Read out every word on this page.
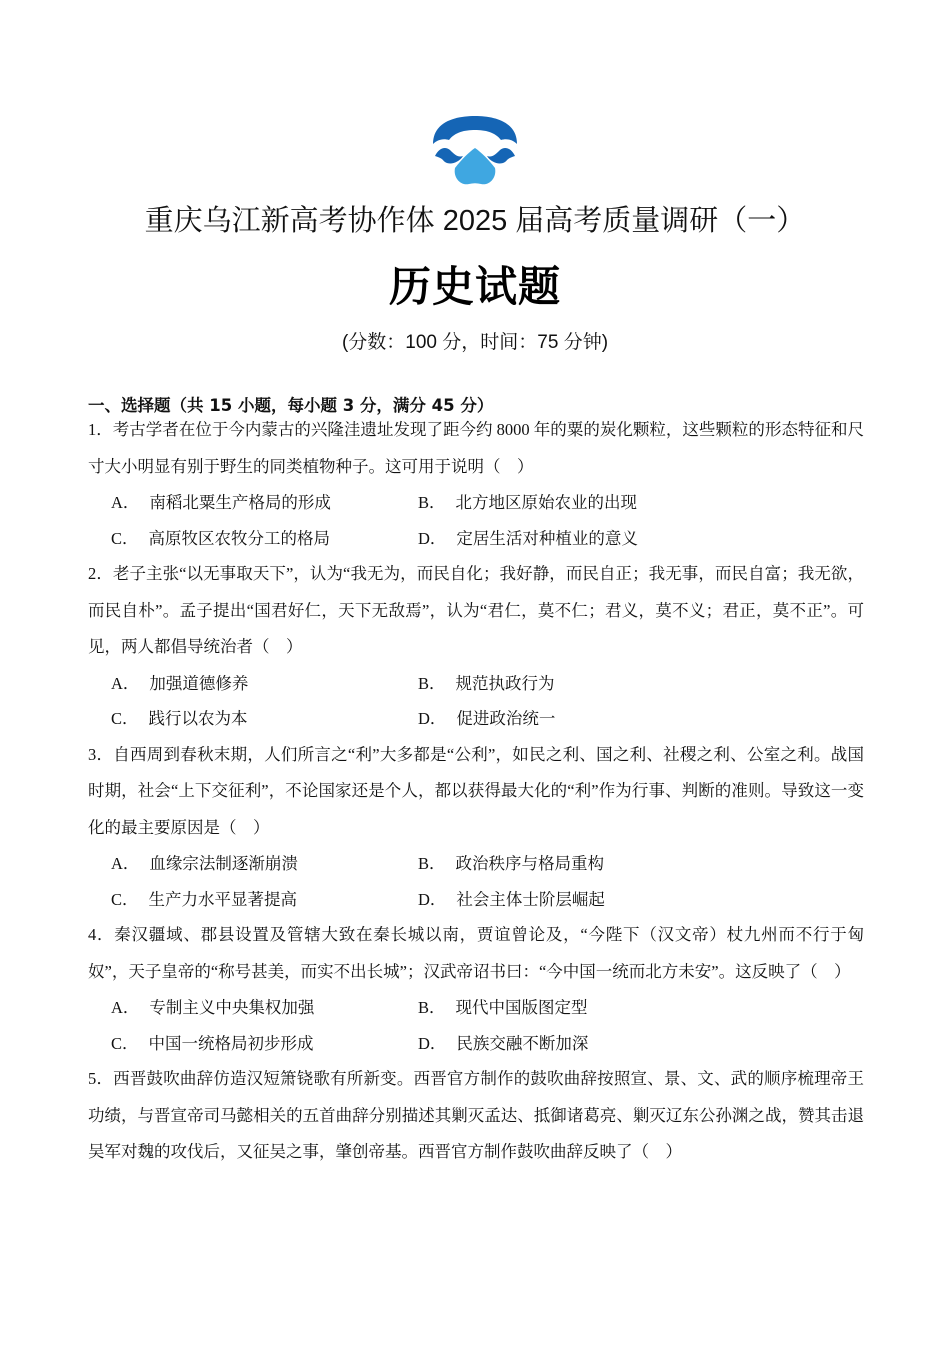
重庆乌江新高考协作体 2025 届高考质量调研（一）
历史试题
(分数：100 分，时间：75 分钟)
一、选择题（共 15 小题，每小题 3 分，满分 45 分）
1．考古学者在位于今内蒙古的兴隆洼遗址发现了距今约 8000 年的粟的炭化颗粒，这些颗粒的形态特征和尺寸大小明显有别于野生的同类植物种子。这可用于说明（　）
A． 南稻北粟生产格局的形成	B． 北方地区原始农业的出现
C． 高原牧区农牧分工的格局	D． 定居生活对种植业的意义
2．老子主张“以无事取天下”，认为“我无为，而民自化；我好静，而民自正；我无事，而民自富；我无欲，而民自朴”。孟子提出“国君好仁，天下无敌焉”，认为“君仁，莫不仁；君义，莫不义；君正，莫不正”。可见，两人都倡导统治者（　）
A． 加强道德修养	B． 规范执政行为
C． 践行以农为本	D． 促进政治统一
3．自西周到春秋末期，人们所言之“利”大多都是“公利”，如民之利、国之利、社稷之利、公室之利。战国时期，社会“上下交征利”，不论国家还是个人，都以获得最大化的“利”作为行事、判断的准则。导致这一变化的最主要原因是（　）
A． 血缘宗法制逐渐崩溃	B． 政治秩序与格局重构
C． 生产力水平显著提高	D． 社会主体士阶层崛起
4．秦汉疆域、郡县设置及管辖大致在秦长城以南，贾谊曾论及，“今陛下（汉文帝）杖九州而不行于匈奴”，天子皇帝的“称号甚美，而实不出长城”；汉武帝诏书曰：“今中国一统而北方未安”。这反映了（　）
A． 专制主义中央集权加强	B． 现代中国版图定型
C． 中国一统格局初步形成	D． 民族交融不断加深
5．西晋鼓吹曲辞仿造汉短箫铙歌有所新变。西晋官方制作的鼓吹曲辞按照宣、景、文、武的顺序梳理帝王功绩，与晋宣帝司马懿相关的五首曲辞分别描述其剿灭孟达、抵御诸葛亮、剿灭辽东公孙渊之战，赞其击退吴军对魏的攻伐后，又征吴之事，肇创帝基。西晋官方制作鼓吹曲辞反映了（　）
